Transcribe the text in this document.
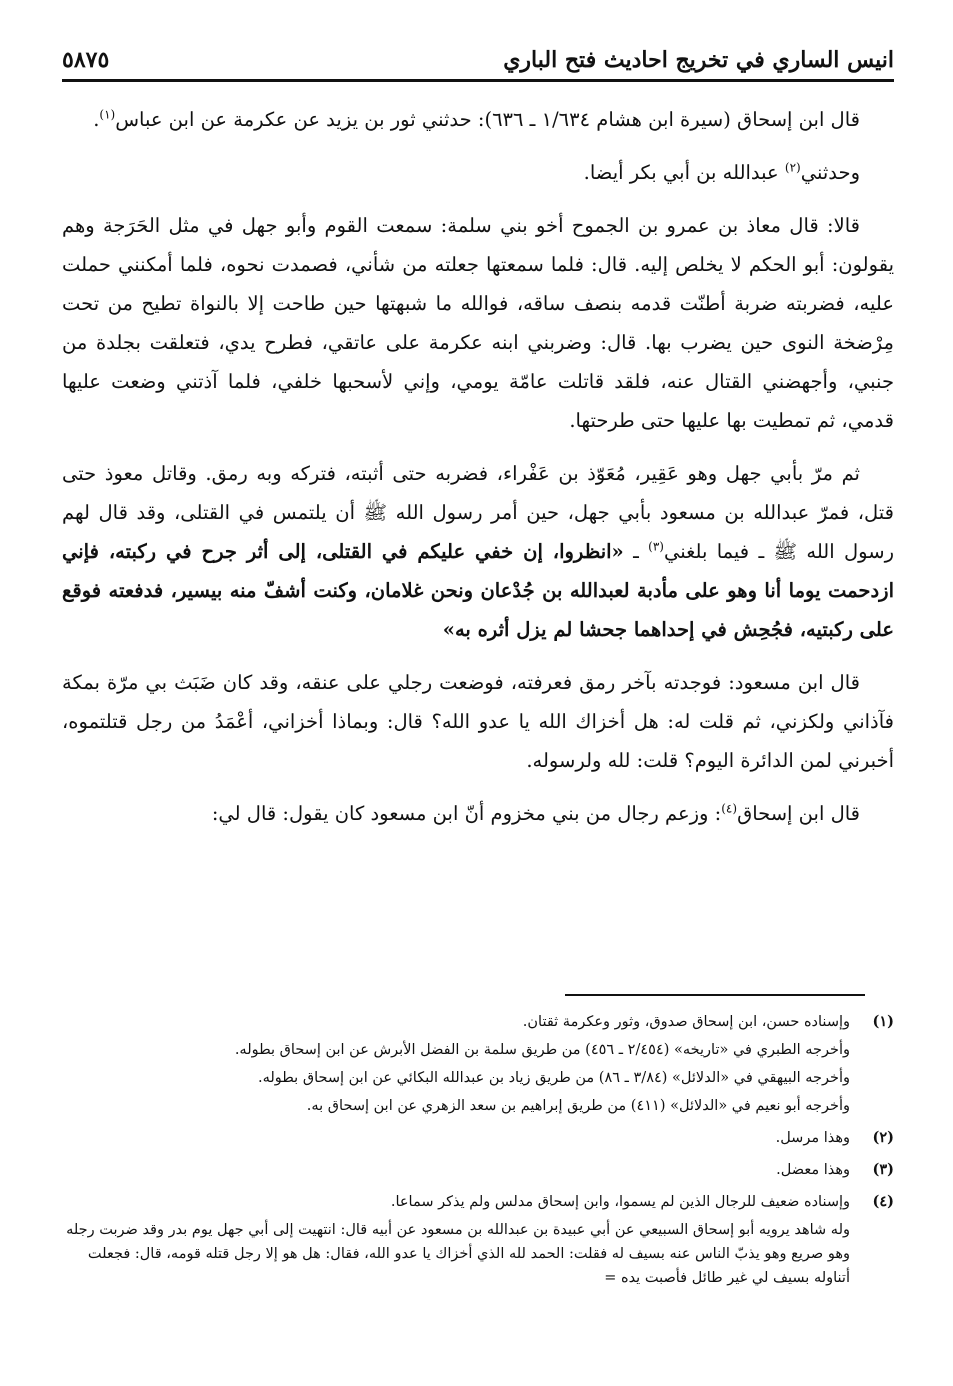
٥٨٧٥	انيس الساري في تخريج احاديث فتح الباري

قال ابن إسحاق (سيرة ابن هشام ١/٦٣٤ ـ ٦٣٦): حدثني ثور بن يزيد عن عكرمة عن ابن عباس$^{(١)}$.

وحدثني$^{(٢)}$ عبدالله بن أبي بكر أيضا.

قالا: قال معاذ بن عمرو بن الجموح أخو بني سلمة: سمعت القوم وأبو جهل في مثل الحَرَجة وهم يقولون: أبو الحكم لا يخلص إليه. قال: فلما سمعتها جعلته من شأني، فصمدت نحوه، فلما أمكنني حملت عليه، فضربته ضربة أطنّت قدمه بنصف ساقه، فوالله ما شبهتها حين طاحت إلا بالنواة تطيح من تحت مِرْضخة النوى حين يضرب بها. قال: وضربني ابنه عكرمة على عاتقي، فطرح يدي، فتعلقت بجلدة من جنبي، وأجهضني القتال عنه، فلقد قاتلت عامّة يومي، وإني لأسحبها خلفي، فلما آذتني وضعت عليها قدمي، ثم تمطيت بها عليها حتى طرحتها.

ثم مرّ بأبي جهل وهو عَقِير، مُعَوّذ بن عَفْراء، فضربه حتى أثبته، فتركه وبه رمق. وقاتل معوذ حتى قتل، فمرّ عبدالله بن مسعود بأبي جهل، حين أمر رسول الله ﷺ أن يلتمس في القتلى، وقد قال لهم رسول الله ﷺ ـ فيما بلغني$^{(٣)}$ ـ «انظروا، إن خفي عليكم في القتلى، إلى أثر جرح في ركبته، فإني ازدحمت يوما أنا وهو على مأدبة لعبدالله بن جُدْعان ونحن غلامان، وكنت أشفّ منه بيسير، فدفعته فوقع على ركبتيه، فجُحِش في إحداهما جحشا لم يزل أثره به»

قال ابن مسعود: فوجدته بآخر رمق فعرفته، فوضعت رجلي على عنقه، وقد كان ضَبَث بي مرّة بمكة فآذاني ولكزني، ثم قلت له: هل أخزاك الله يا عدو الله؟ قال: وبماذا أخزاني، أعْمَدُ من رجل قتلتموه، أخبرني لمن الدائرة اليوم؟ قلت: لله ولرسوله.

قال ابن إسحاق$^{(٤)}$: وزعم رجال من بني مخزوم أنّ ابن مسعود كان يقول: قال لي:

(١)
وإسناده حسن، ابن إسحاق صدوق، وثور وعكرمة ثقتان.
وأخرجه الطبري في «تاريخه» (٢/٤٥٤ ـ ٤٥٦) من طريق سلمة بن الفضل الأبرش عن ابن إسحاق بطوله.
وأخرجه البيهقي في «الدلائل» (٣/٨٤ ـ ٨٦) من طريق زياد بن عبدالله البكائي عن ابن إسحاق بطوله.
وأخرجه أبو نعيم في «الدلائل» (٤١١) من طريق إبراهيم بن سعد الزهري عن ابن إسحاق به.
(٢)
وهذا مرسل.
(٣)
وهذا معضل.
(٤)
وإسناده ضعيف للرجال الذين لم يسموا، وابن إسحاق مدلس ولم يذكر سماعا.
وله شاهد يرويه أبو إسحاق السبيعي عن أبي عبيدة بن عبدالله بن مسعود عن أبيه قال: انتهيت إلى أبي جهل يوم بدر وقد ضربت رجله وهو صريع وهو يذبّ الناس عنه بسيف له فقلت: الحمد لله الذي أخزاك يا عدو الله، فقال: هل هو إلا رجل قتله قومه، قال: فجعلت أتناوله بسيف لي غير طائل فأصبت يده =
